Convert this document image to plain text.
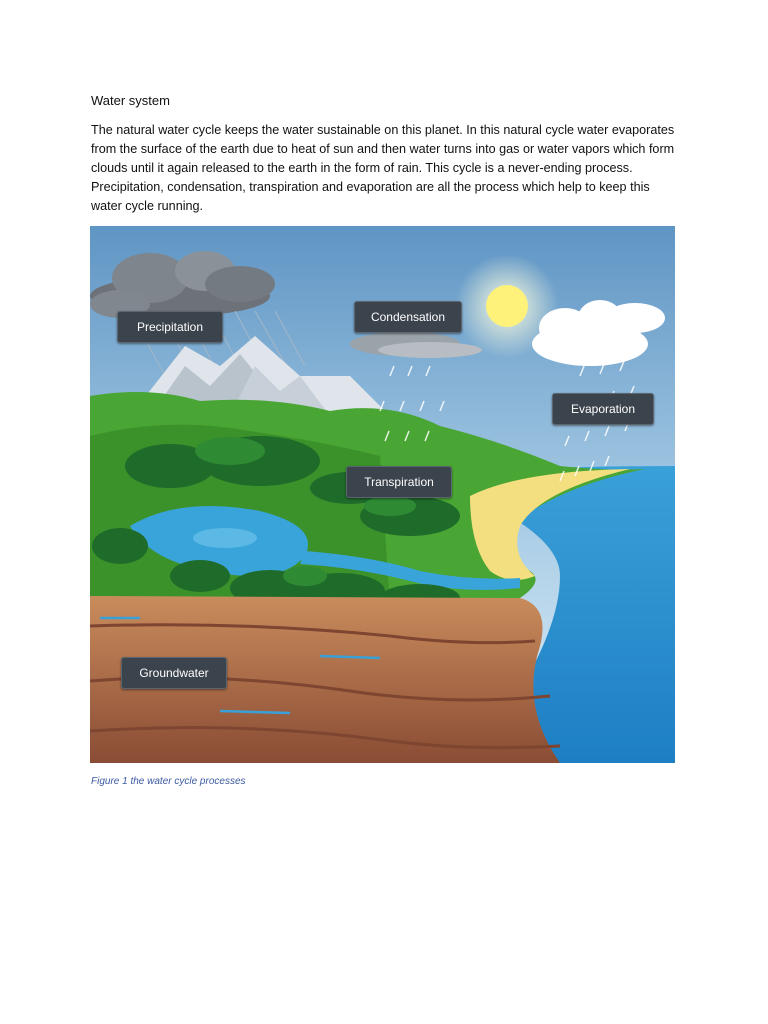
Water system
The natural water cycle keeps the water sustainable on this planet. In this natural cycle water evaporates from the surface of the earth due to heat of sun and then water turns into gas or water vapors which form clouds until it again released to the earth in the form of rain. This cycle is a never-ending process. Precipitation, condensation, transpiration and evaporation are all the process which help to keep this water cycle running.
Precipitation
Condensation
Evaporation
Transpiration
Groundwater
Figure 1 the water cycle processes
